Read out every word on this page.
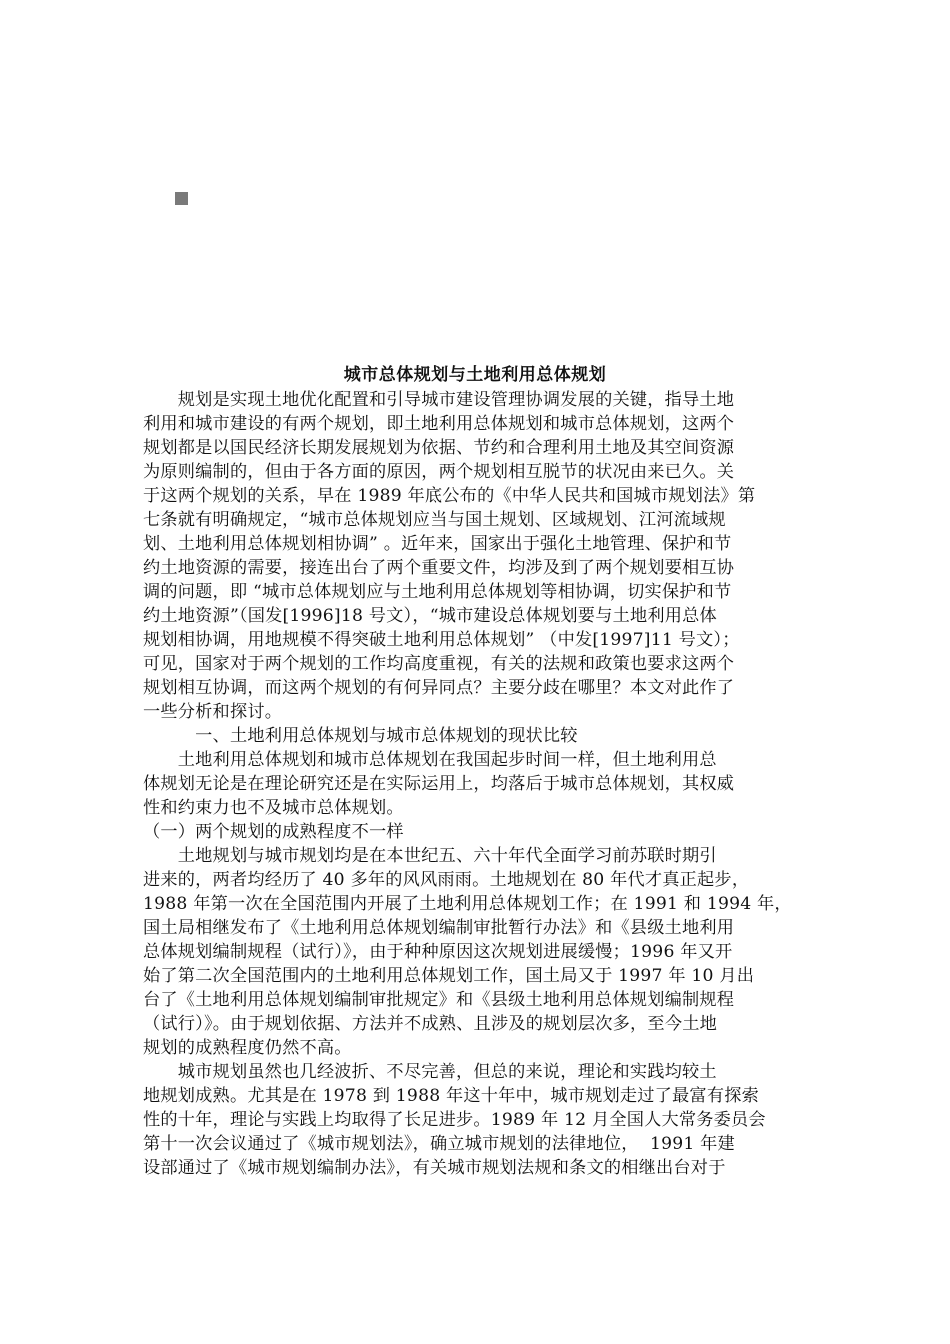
城市总体规划与土地利用总体规划
　　规划是实现土地优化配置和引导城市建设管理协调发展的关键，指导土地
利用和城市建设的有两个规划，即土地利用总体规划和城市总体规划，这两个
规划都是以国民经济长期发展规划为依据、节约和合理利用土地及其空间资源
为原则编制的，但由于各方面的原因，两个规划相互脱节的状况由来已久。关
于这两个规划的关系，早在 1989 年底公布的《中华人民共和国城市规划法》第
七条就有明确规定，“城市总体规划应当与国土规划、区域规划、江河流域规
划、土地利用总体规划相协调” 。近年来，国家出于强化土地管理、保护和节
约土地资源的需要，接连出台了两个重要文件，均涉及到了两个规划要相互协
调的问题，即 “城市总体规划应与土地利用总体规划等相协调，切实保护和节
约土地资源”（国发[1996]18 号文），“城市建设总体规划要与土地利用总体
规划相协调，用地规模不得突破土地利用总体规划” （中发[1997]11 号文）；
可见，国家对于两个规划的工作均高度重视，有关的法规和政策也要求这两个
规划相互协调，而这两个规划的有何异同点？主要分歧在哪里？本文对此作了
一些分析和探讨。
　　　一、土地利用总体规划与城市总体规划的现状比较
　　土地利用总体规划和城市总体规划在我国起步时间一样，但土地利用总
体规划无论是在理论研究还是在实际运用上，均落后于城市总体规划，其权威
性和约束力也不及城市总体规划。
（一）两个规划的成熟程度不一样
　　土地规划与城市规划均是在本世纪五、六十年代全面学习前苏联时期引
进来的，两者均经历了 40 多年的风风雨雨。土地规划在 80 年代才真正起步，
1988 年第一次在全国范围内开展了土地利用总体规划工作；在 1991 和 1994 年，
国土局相继发布了《土地利用总体规划编制审批暂行办法》和《县级土地利用
总体规划编制规程（试行）》，由于种种原因这次规划进展缓慢；1996 年又开
始了第二次全国范围内的土地利用总体规划工作，国土局又于 1997 年 10 月出
台了《土地利用总体规划编制审批规定》和《县级土地利用总体规划编制规程
（试行）》。由于规划依据、方法并不成熟、且涉及的规划层次多，至今土地
规划的成熟程度仍然不高。
　　城市规划虽然也几经波折、不尽完善，但总的来说，理论和实践均较土
地规划成熟。尤其是在 1978 到 1988 年这十年中，城市规划走过了最富有探索
性的十年，理论与实践上均取得了长足进步。1989 年 12 月全国人大常务委员会
第十一次会议通过了《城市规划法》，确立城市规划的法律地位，  1991 年建
设部通过了《城市规划编制办法》，有关城市规划法规和条文的相继出台对于
